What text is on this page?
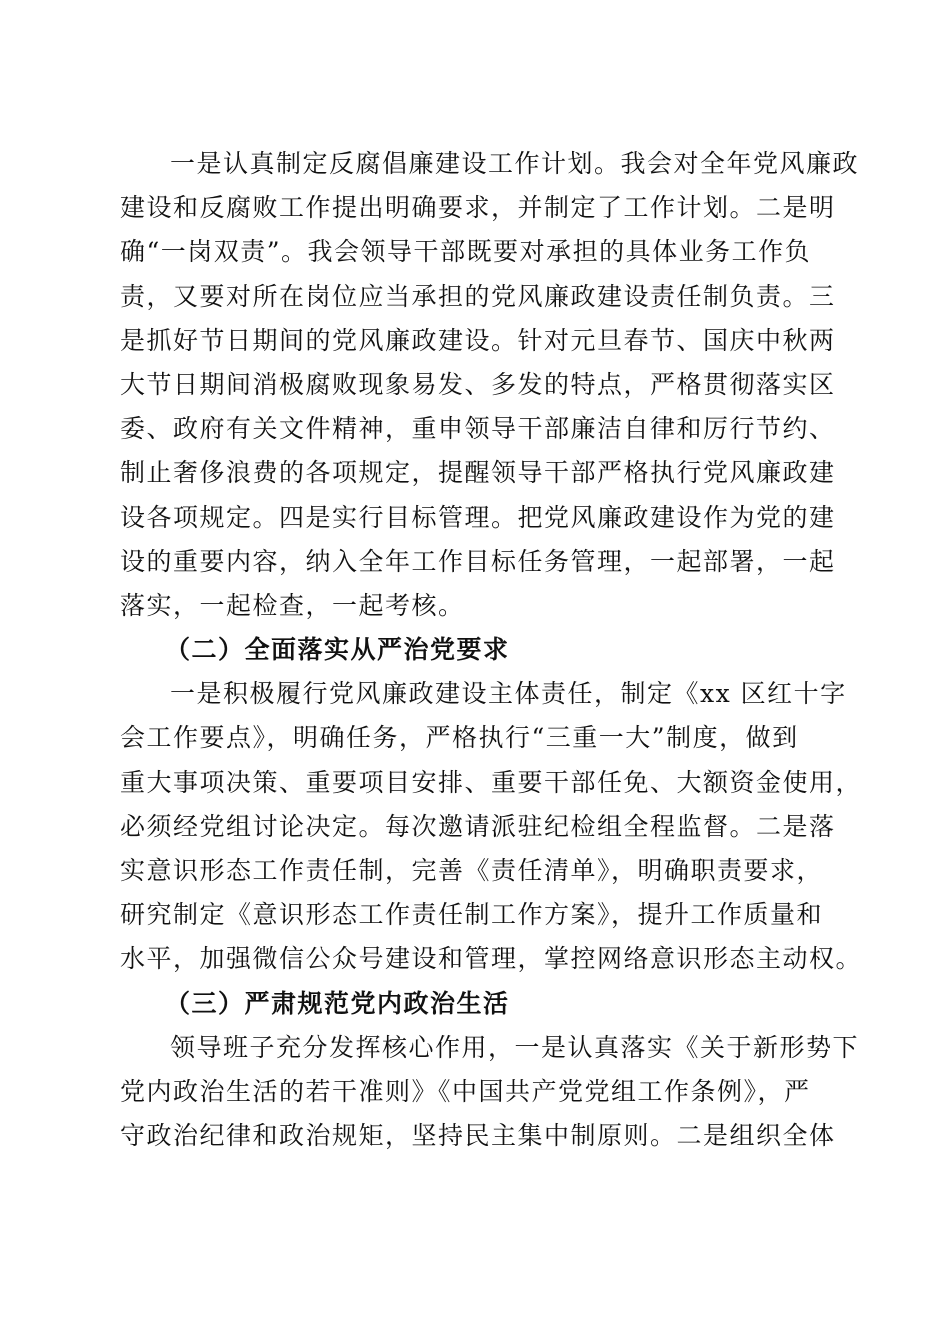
一是认真制定反腐倡廉建设工作计划。我会对全年党风廉政
建设和反腐败工作提出明确要求，并制定了工作计划。二是明
确“一岗双责”。我会领导干部既要对承担的具体业务工作负
责，又要对所在岗位应当承担的党风廉政建设责任制负责。三
是抓好节日期间的党风廉政建设。针对元旦春节、国庆中秋两
大节日期间消极腐败现象易发、多发的特点，严格贯彻落实区
委、政府有关文件精神，重申领导干部廉洁自律和厉行节约、
制止奢侈浪费的各项规定，提醒领导干部严格执行党风廉政建
设各项规定。四是实行目标管理。把党风廉政建设作为党的建
设的重要内容，纳入全年工作目标任务管理，一起部署，一起
落实，一起检查，一起考核。
（二）全面落实从严治党要求
一是积极履行党风廉政建设主体责任，制定《xx 区红十字
会工作要点》，明确任务，严格执行“三重一大”制度，做到
重大事项决策、重要项目安排、重要干部任免、大额资金使用，
必须经党组讨论决定。每次邀请派驻纪检组全程监督。二是落
实意识形态工作责任制，完善《责任清单》，明确职责要求，
研究制定《意识形态工作责任制工作方案》，提升工作质量和
水平，加强微信公众号建设和管理，掌控网络意识形态主动权。
（三）严肃规范党内政治生活
领导班子充分发挥核心作用，一是认真落实《关于新形势下
党内政治生活的若干准则》《中国共产党党组工作条例》，严
守政治纪律和政治规矩，坚持民主集中制原则。二是组织全体
